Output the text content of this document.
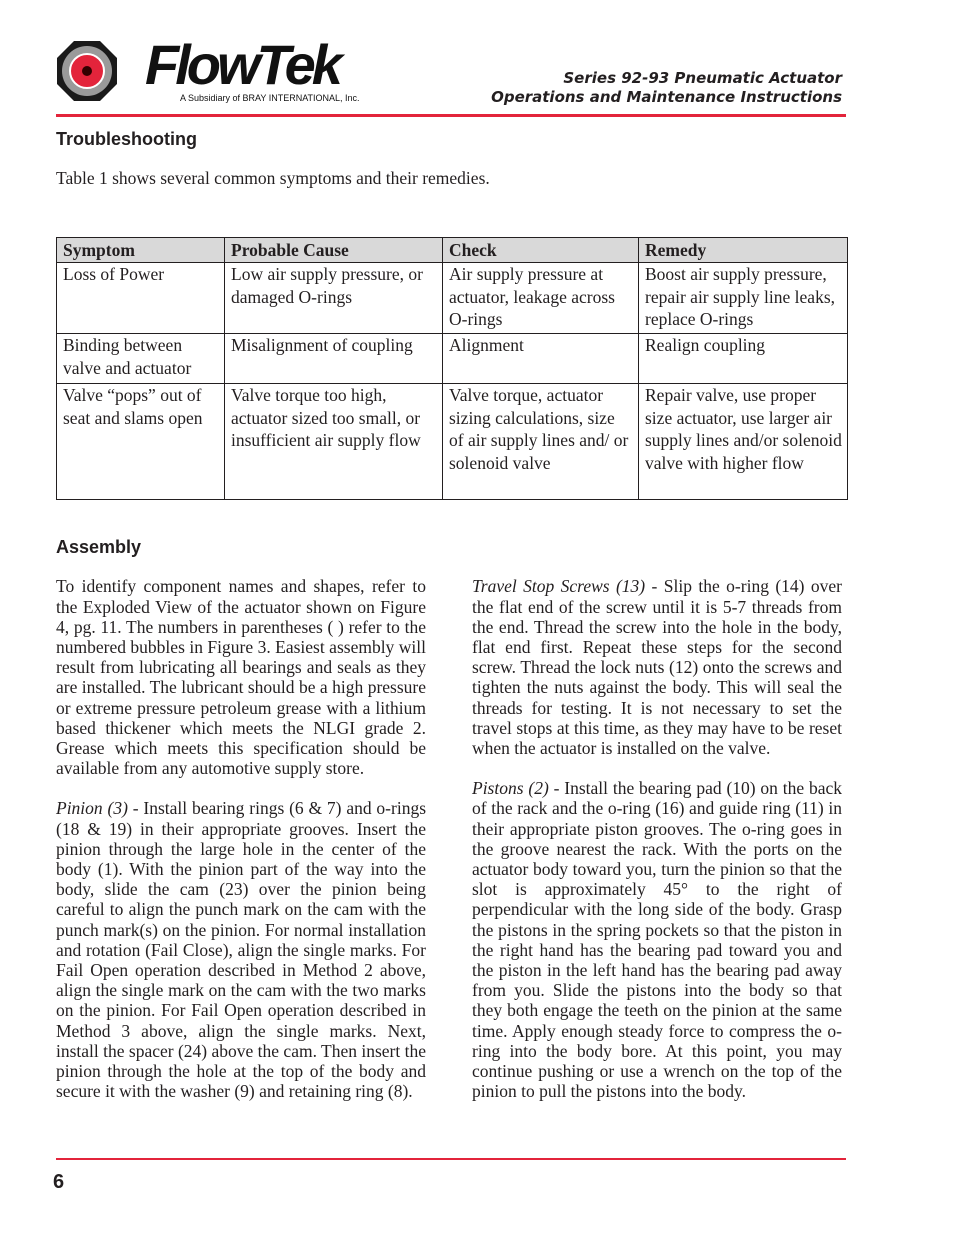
FlowTek
A Subsidiary of BRAY INTERNATIONAL, Inc.
Series 92-93 Pneumatic Actuator
Operations and Maintenance Instructions
Troubleshooting
Table 1 shows several common symptoms and their remedies.
Symptom	Probable Cause	Check	Remedy
Loss of Power	Low air supply pressure, or damaged O-rings	Air supply pressure at actuator, leakage across O-rings	Boost air supply pressure, repair air supply line leaks, replace O-rings
Binding between valve and actuator	Misalignment of coupling	Alignment	Realign coupling
Valve “pops” out of seat and slams open	Valve torque too high, actuator sized too small, or insufficient air supply flow	Valve torque, actuator sizing calculations, size of air supply lines and/ or solenoid valve	Repair valve, use proper size actuator, use larger air supply lines and/or solenoid valve with higher flow
Assembly

To identify component names and shapes, refer to the Exploded View of the actuator shown on Figure 4, pg. 11. The numbers in parentheses ( ) refer to the numbered bubbles in Figure 3. Easiest assembly will result from lubricating all bearings and seals as they are installed. The lubricant should be a high pressure or extreme pressure petroleum grease with a lithium based thickener which meets the NLGI grade 2. Grease which meets this specification should be available from any automotive supply store.

Pinion (3) - Install bearing rings (6 & 7) and o-rings (18 & 19) in their appropriate grooves. Insert the pinion through the large hole in the center of the body (1). With the pinion part of the way into the body, slide the cam (23) over the pinion being careful to align the punch mark on the cam with the punch mark(s) on the pinion. For normal installation and rotation (Fail Close), align the single marks. For Fail Open operation described in Method 2 above, align the single mark on the cam with the two marks on the pinion. For Fail Open operation described in Method 3 above, align the single marks. Next, install the spacer (24) above the cam. Then insert the pinion through the hole at the top of the body and secure it with the washer (9) and retaining ring (8).

Travel Stop Screws (13) - Slip the o-ring (14) over the flat end of the screw until it is 5-7 threads from the end. Thread the screw into the hole in the body, flat end first. Repeat these steps for the second screw. Thread the lock nuts (12) onto the screws and tighten the nuts against the body. This will seal the threads for testing. It is not necessary to set the travel stops at this time, as they may have to be reset when the actuator is installed on the valve.

Pistons (2) - Install the bearing pad (10) on the back of the rack and the o-ring (16) and guide ring (11) in their appropriate piston grooves. The o-ring goes in the groove nearest the rack. With the ports on the actuator body toward you, turn the pinion so that the slot is approximately 45° to the right of perpendicular with the long side of the body. Grasp the pistons in the spring pockets so that the piston in the right hand has the bearing pad toward you and the piston in the left hand has the bearing pad away from you. Slide the pistons into the body so that they both engage the teeth on the pinion at the same time. Apply enough steady force to compress the o-ring into the body bore. At this point, you may continue pushing or use a wrench on the top of the pinion to pull the pistons into the body.

6
